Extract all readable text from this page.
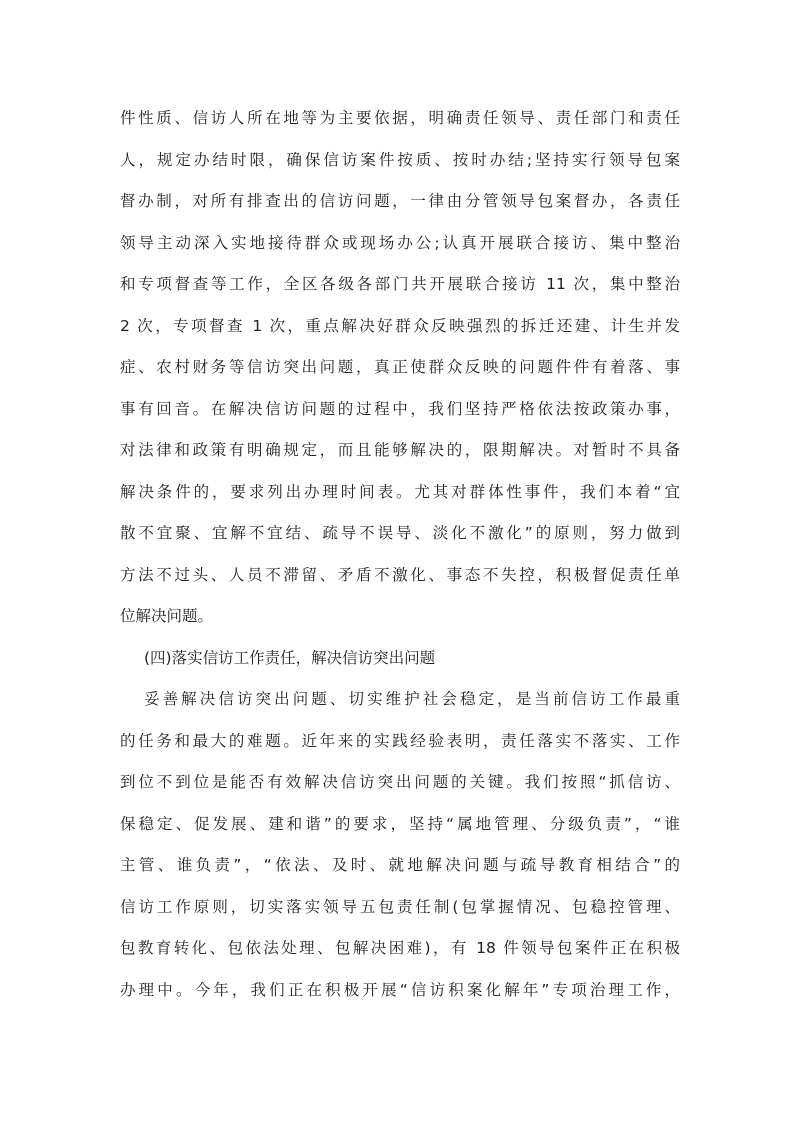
件性质、信访人所在地等为主要依据，明确责任领导、责任部门和责任
人，规定办结时限，确保信访案件按质、按时办结;坚持实行领导包案
督办制，对所有排查出的信访问题，一律由分管领导包案督办，各责任
领导主动深入实地接待群众或现场办公;认真开展联合接访、集中整治
和专项督查等工作，全区各级各部门共开展联合接访 11 次，集中整治
2 次，专项督查 1 次，重点解决好群众反映强烈的拆迁还建、计生并发
症、农村财务等信访突出问题，真正使群众反映的问题件件有着落、事
事有回音。在解决信访问题的过程中，我们坚持严格依法按政策办事，
对法律和政策有明确规定，而且能够解决的，限期解决。对暂时不具备
解决条件的，要求列出办理时间表。尤其对群体性事件，我们本着“宜
散不宜聚、宜解不宜结、疏导不误导、淡化不激化”的原则，努力做到
方法不过头、人员不滞留、矛盾不激化、事态不失控，积极督促责任单
位解决问题。
(四)落实信访工作责任，解决信访突出问题
妥善解决信访突出问题、切实维护社会稳定，是当前信访工作最重
的任务和最大的难题。近年来的实践经验表明，责任落实不落实、工作
到位不到位是能否有效解决信访突出问题的关键。我们按照“抓信访、
保稳定、促发展、建和谐”的要求，坚持“属地管理、分级负责”，“谁
主管、谁负责”，“依法、及时、就地解决问题与疏导教育相结合”的
信访工作原则，切实落实领导五包责任制(包掌握情况、包稳控管理、
包教育转化、包依法处理、包解决困难)，有 18 件领导包案件正在积极
办理中。今年，我们正在积极开展“信访积案化解年”专项治理工作，
